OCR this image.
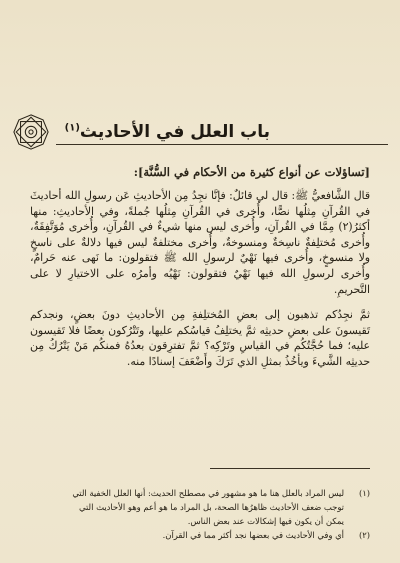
باب العلل في الأحاديث$^{(١)}$
[تساؤلات عن أنواع كثيرة من الأحكام في السُّنَّة]:

قال الشَّافعيُّ ﷺ: قال لي قائلٌ: فإنَّا نجِدُ مِن الأحاديثِ عَن رسولِ الله أحاديثَ في القُرآنِ مِثلُها نصًّا، وأُخرى في القُرآنِ مِثلُها جُملةً، وفي الأحاديثِ: منها أكثرُ(٢) مِمَّا في القُرآنِ، وأُخرى ليس منها شيءٌ في القُرآنِ، وأُخرى مُوَتَّفِقَةٌ، وأُخرى مُختلِفةٌ ناسِخةٌ ومنسوخةٌ، وأُخرى مختلفةٌ ليس فيها دلالةٌ على ناسخٍ ولا منسوخٍ، وأُخرى فيها نَهْيٌ لرسولِ الله ﷺ فتقولون: ما نَهى عنه حَرامٌ، وأُخرى لرسولِ الله فيها نَهْيٌ فتقولون: نَهْيُه وأمرُه على الاختيارِ لا على التَّحريمِ.

ثمَّ نجِدُكم تذهبون إلى بعضِ المُختلِفةِ مِن الأحاديثِ دونَ بعضٍ، ونجدكم تَقيسونَ على بعضِ حديثِه ثمَّ يختلِفُ قياسُكم عليها، وتَتْرُكون بعضًا فلا تَقيسون عليه؛ فما حُجَّتُكُم في القياسِ وتَرْكِه؟ ثمَّ تفترِقون بعدُهُ فمنكُم مَنْ يَتْرُكُ مِن حديثِه الشَّيءَ ويأخُذُ بمثلِ الذي تَرَكَ وأَضْعَفَ إسنادًا منه.

(١)
ليس المراد بالعلل هنا ما هو مشهور في مصطلح الحديث: أنها العلل الخفية التي
توجب ضعف الأحاديث ظاهرُها الصحة، بل المراد ما هو أعم وهو الأحاديث التي
يمكن أن يكون فيها إشكالات عند بعض الناس.
(٢)
أي وفي الأحاديث في بعضها نجد أكثر مما في القرآن.
